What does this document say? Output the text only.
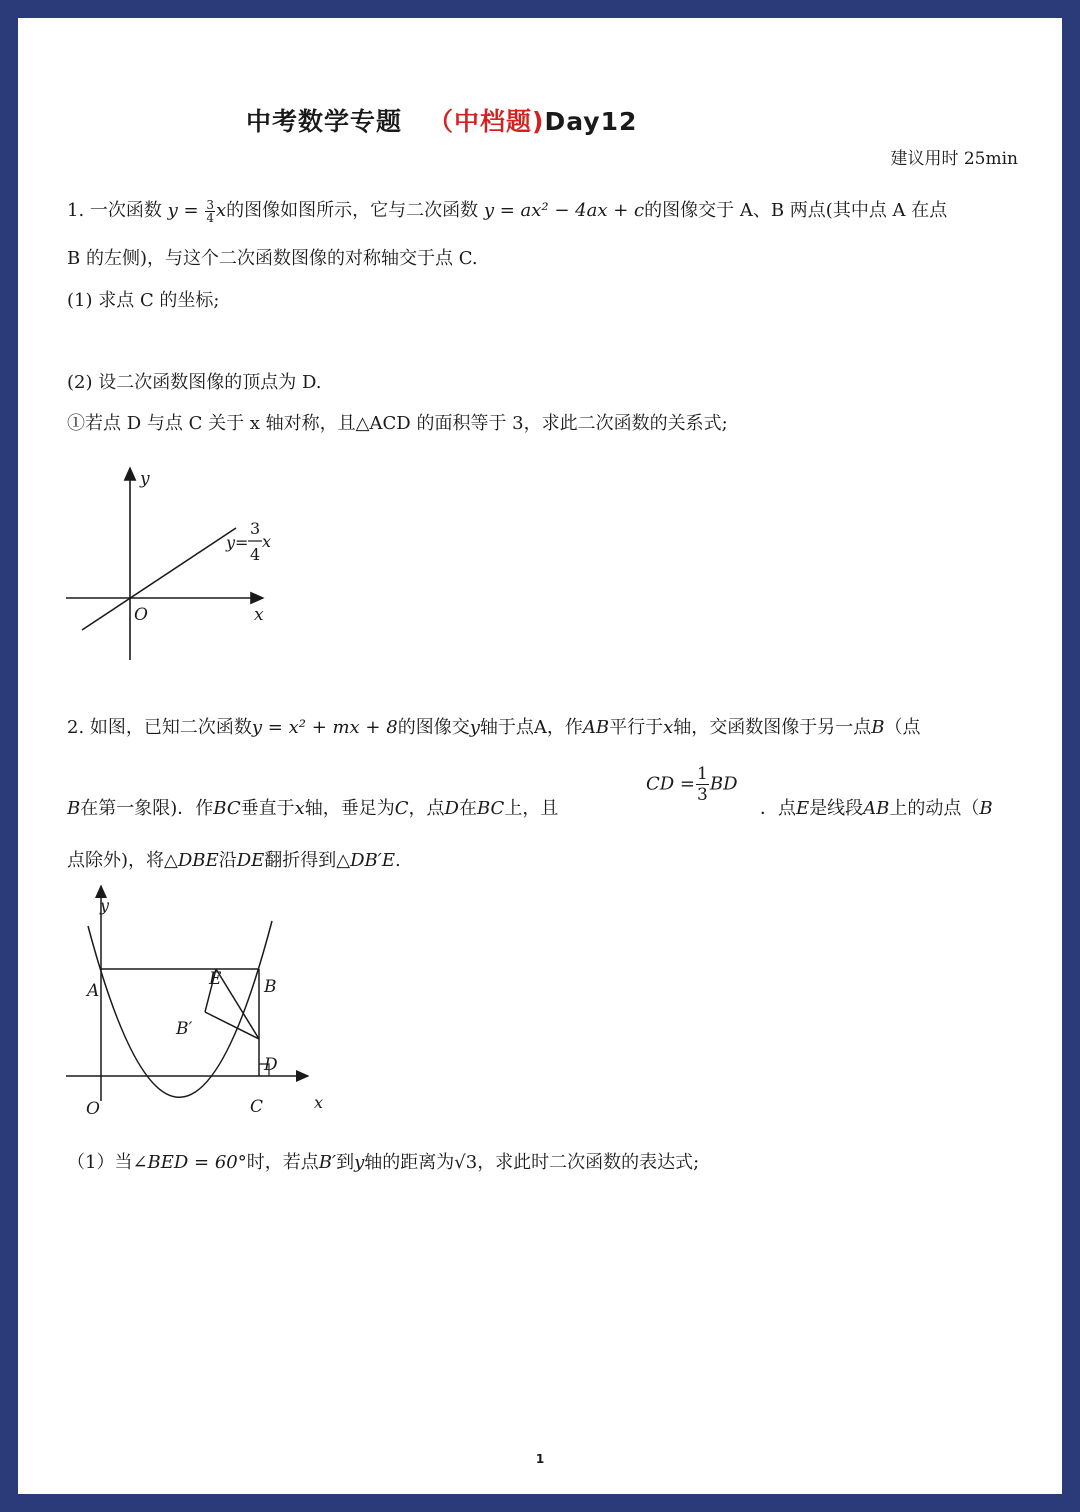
中考数学专题 （中档题)Day12
建议用时 25min
1. 一次函数 $y = \frac{3}{4}$ x的图像如图所示，它与二次函数 y = ax² − 4ax + c的图像交于 A、B 两点(其中点 A 在点
B 的左侧)，与这个二次函数图像的对称轴交于点 C.
(1) 求点 C 的坐标;
(2) 设二次函数图像的顶点为 D.
①若点 D 与点 C 关于 x 轴对称，且△ACD 的面积等于 3，求此二次函数的关系式;
y
x
O
y=
3
4
x
2. 如图，已知二次函数y = x² + mx + 8的图像交y轴于点A，作AB平行于x轴，交函数图像于另一点B（点
B在第一象限)．作BC垂直于x轴，垂足为C，点D在BC上，且
CD = $\frac{1}{3}$ BD
．点E是线段AB上的动点（B
点除外)，将△DBE沿DE翻折得到△DB′E.
y
x
O
A	B
C
D
E
B′
（1）当∠BED = 60°时，若点B′到y轴的距离为√3，求此时二次函数的表达式;
1
